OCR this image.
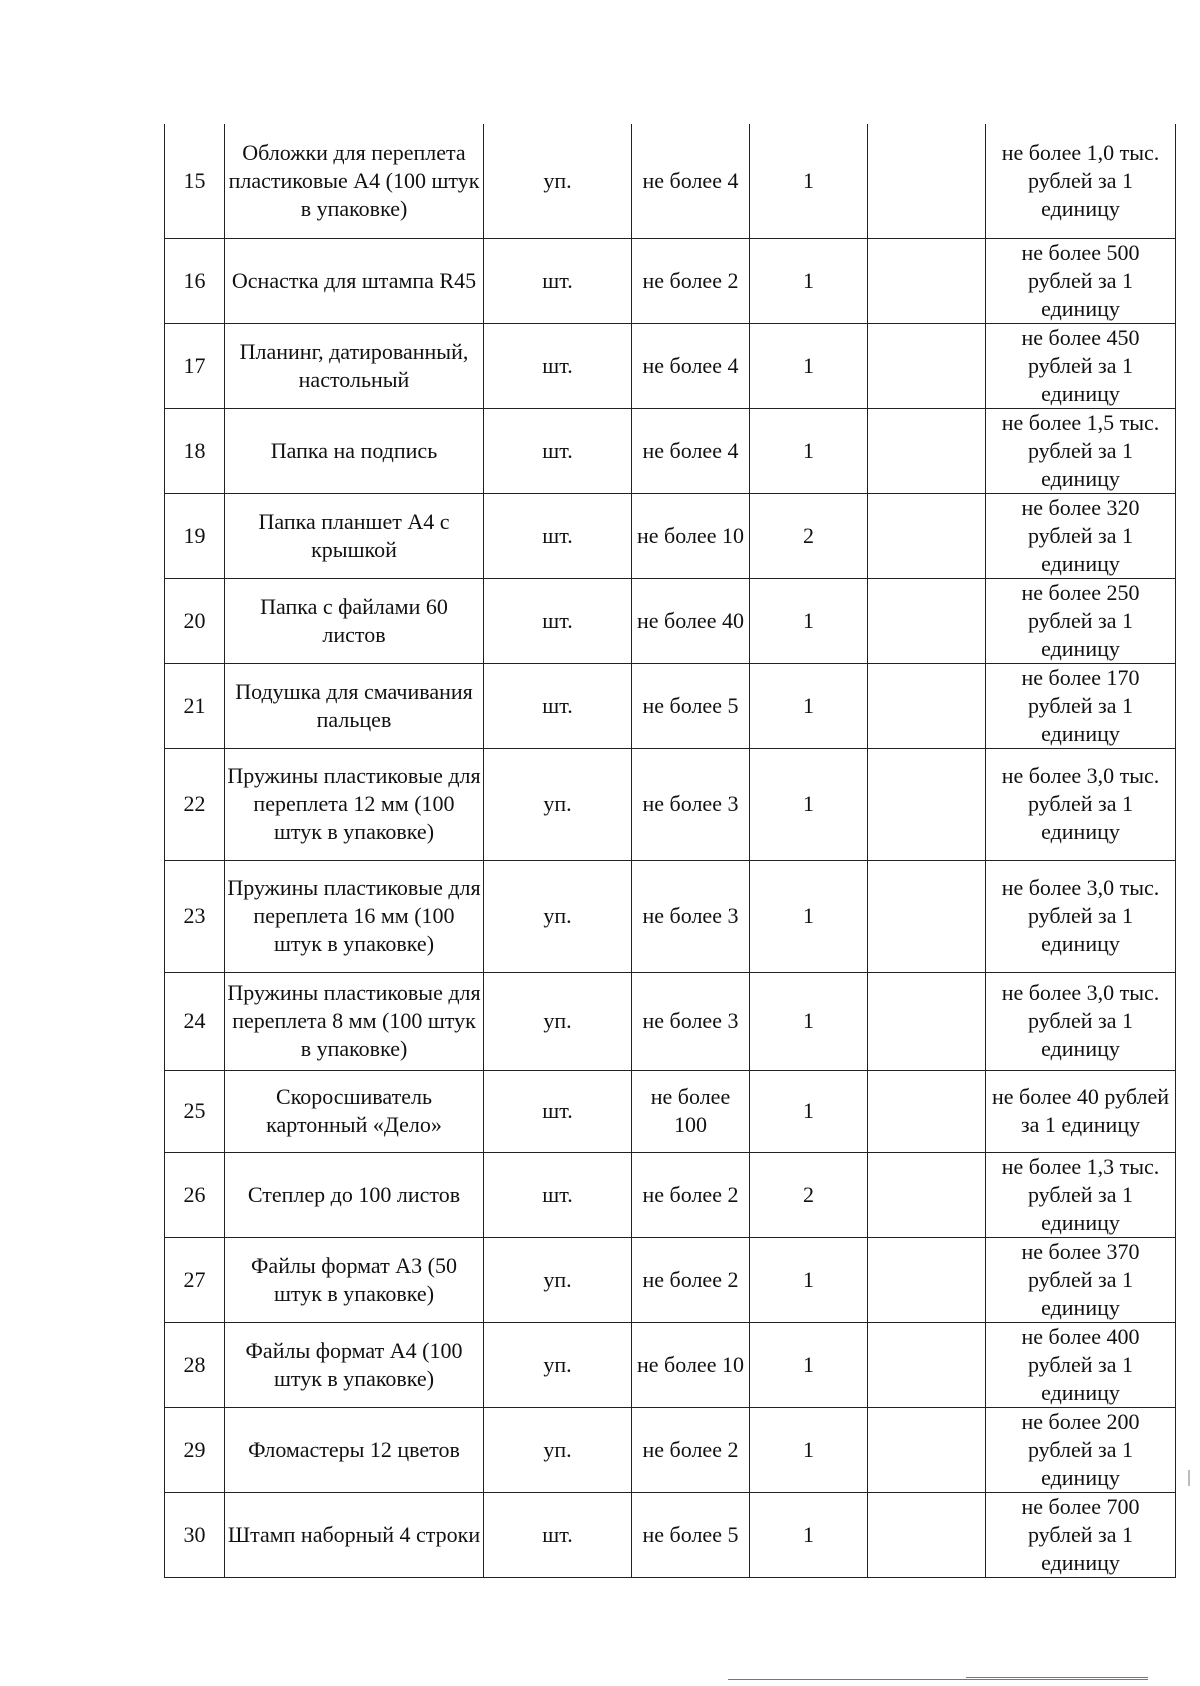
15	Обложки для переплета пластиковые А4 (100 штук в упаковке)	уп.	не более 4	1		не более 1,0 тыс. рублей за 1 единицу
16	Оснастка для штампа R45	шт.	не более 2	1		не более 500 рублей за 1 единицу
17	Планинг, датированный, настольный	шт.	не более 4	1		не более 450 рублей за 1 единицу
18	Папка на подпись	шт.	не более 4	1		не более 1,5 тыс. рублей за 1 единицу
19	Папка планшет А4 с крышкой	шт.	не более 10	2		не более 320 рублей за 1 единицу
20	Папка с файлами 60 листов	шт.	не более 40	1		не более 250 рублей за 1 единицу
21	Подушка для смачивания пальцев	шт.	не более 5	1		не более 170 рублей за 1 единицу
22	Пружины пластиковые для переплета 12 мм (100 штук в упаковке)	уп.	не более 3	1		не более 3,0 тыс. рублей за 1 единицу
23	Пружины пластиковые для переплета 16 мм (100 штук в упаковке)	уп.	не более 3	1		не более 3,0 тыс. рублей за 1 единицу
24	Пружины пластиковые для переплета 8 мм (100 штук в упаковке)	уп.	не более 3	1		не более 3,0 тыс. рублей за 1 единицу
25	Скоросшиватель картонный «Дело»	шт.	не более 100	1		не более 40 рублей за 1 единицу
26	Степлер до 100 листов	шт.	не более 2	2		не более 1,3 тыс. рублей за 1 единицу
27	Файлы формат А3 (50 штук в упаковке)	уп.	не более 2	1		не более 370 рублей за 1 единицу
28	Файлы формат А4 (100 штук в упаковке)	уп.	не более 10	1		не более 400 рублей за 1 единицу
29	Фломастеры 12 цветов	уп.	не более 2	1		не более 200 рублей за 1 единицу
30	Штамп наборный 4 строки	шт.	не более 5	1		не более 700 рублей за 1 единицу
